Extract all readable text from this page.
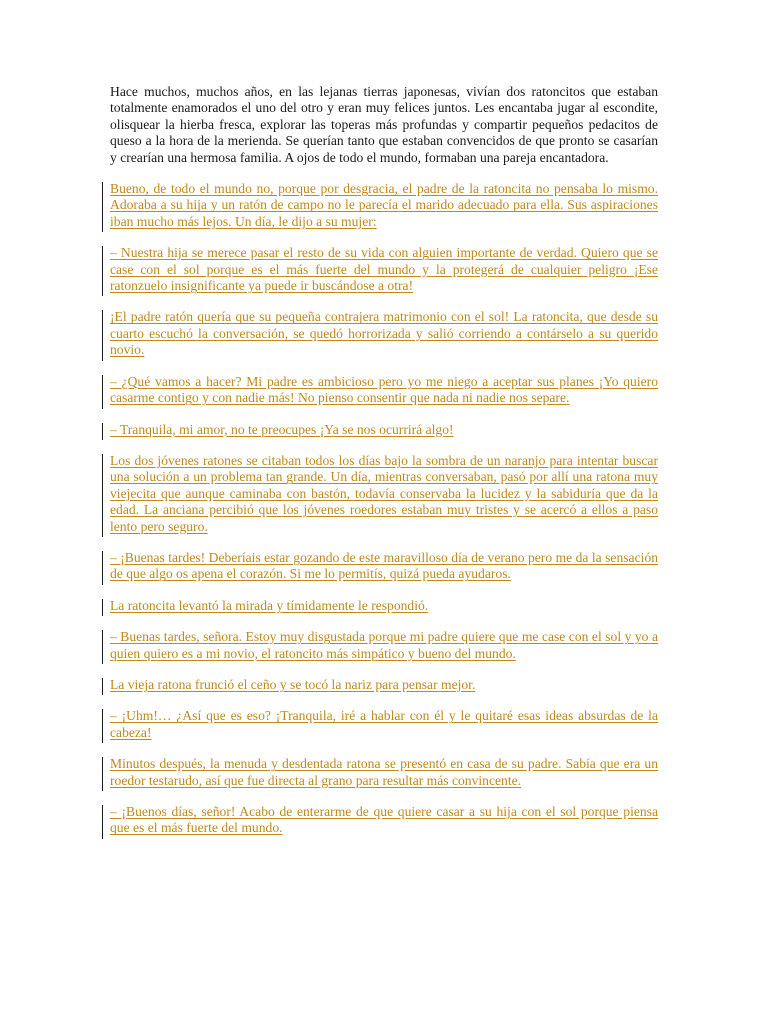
Hace muchos, muchos años, en las lejanas tierras japonesas, vivían dos ratoncitos que estaban totalmente enamorados el uno del otro y eran muy felices juntos. Les encantaba jugar al escondite, olisquear la hierba fresca, explorar las toperas más profundas y compartir pequeños pedacitos de queso a la hora de la merienda. Se querían tanto que estaban convencidos de que pronto se casarían y crearían una hermosa familia. A ojos de todo el mundo, formaban una pareja encantadora.

Bueno, de todo el mundo no, porque por desgracia, el padre de la ratoncita no pensaba lo mismo. Adoraba a su hija y un ratón de campo no le parecía el marido adecuado para ella. Sus aspiraciones iban mucho más lejos. Un día, le dijo a su mujer:

– Nuestra hija se merece pasar el resto de su vida con alguien importante de verdad. Quiero que se case con el sol porque es el más fuerte del mundo y la protegerá de cualquier peligro ¡Ese ratonzuelo insignificante ya puede ir buscándose a otra!

¡El padre ratón quería que su pequeña contrajera matrimonio con el sol! La ratoncita, que desde su cuarto escuchó la conversación, se quedó horrorizada y salió corriendo a contárselo a su querido novio.

– ¿Qué vamos a hacer? Mi padre es ambicioso pero yo me niego a aceptar sus planes ¡Yo quiero casarme contigo y con nadie más! No pienso consentir que nada ni nadie nos separe.

– Tranquila, mi amor, no te preocupes ¡Ya se nos ocurrirá algo!

Los dos jóvenes ratones se citaban todos los días bajo la sombra de un naranjo para intentar buscar una solución a un problema tan grande. Un día, mientras conversaban, pasó por allí una ratona muy viejecita que aunque caminaba con bastón, todavía conservaba la lucidez y la sabiduría que da la edad. La anciana percibió que los jóvenes roedores estaban muy tristes y se acercó a ellos a paso lento pero seguro.

– ¡Buenas tardes! Deberíais estar gozando de este maravilloso día de verano pero me da la sensación de que algo os apena el corazón. Si me lo permitís, quizá pueda ayudaros.

La ratoncita levantó la mirada y tímidamente le respondió.

– Buenas tardes, señora. Estoy muy disgustada porque mi padre quiere que me case con el sol y yo a quien quiero es a mi novio, el ratoncito más simpático y bueno del mundo.

La vieja ratona frunció el ceño y se tocó la nariz para pensar mejor.

– ¡Uhm!… ¿Así que es eso? ¡Tranquila, iré a hablar con él y le quitaré esas ideas absurdas de la cabeza!

Minutos después, la menuda y desdentada ratona se presentó en casa de su padre. Sabía que era un roedor testarudo, así que fue directa al grano para resultar más convincente.

– ¡Buenos días, señor! Acabo de enterarme de que quiere casar a su hija con el sol porque piensa que es el más fuerte del mundo.
